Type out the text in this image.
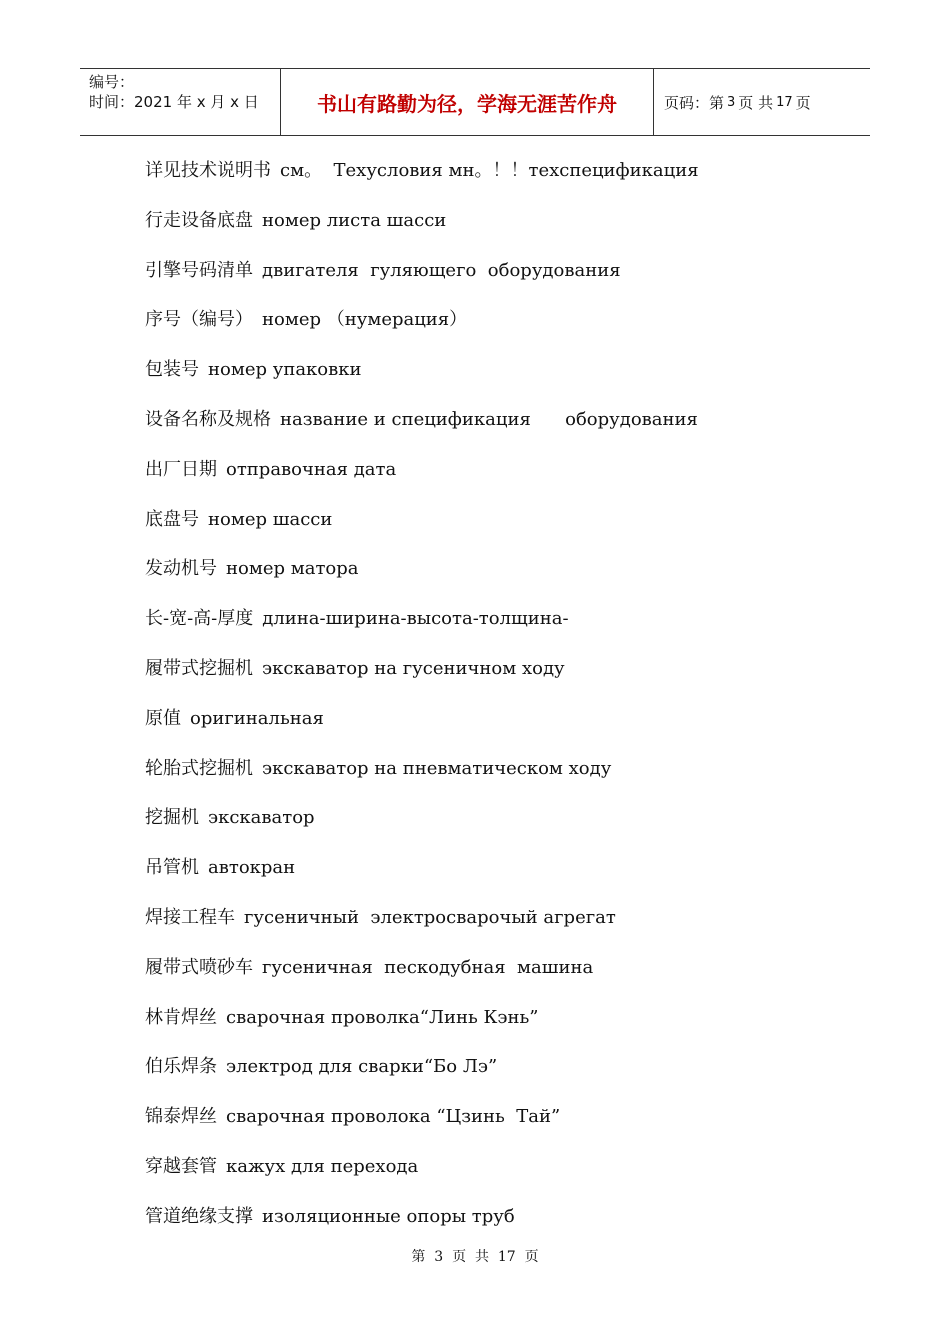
编号：
时间：2021 年 x 月 x 日	书山有路勤为径，学海无涯苦作舟	页码：第 3 页 共 17 页
详见技术说明书 см。  Техусловия мн。！！техспецификация
行走设备底盘 номер листа шасси
引擎号码清单 двигателя  гуляющего  оборудования
序号（编号） номер （нумерация）
包装号 номер упаковки
设备名称及规格 название и спецификация      оборудования
出厂日期 отправочная дата
底盘号 номер шасси
发动机号 номер матора
长-宽-高-厚度 длина-ширина-высота-толщина-
履带式挖掘机 экскаватор на гусеничном ходу
原值 оригинальная
轮胎式挖掘机 экскаватор на пневматическом ходу
挖掘机 экскаватор
吊管机 автокран
焊接工程车 гусеничный  электросварочый агрегат
履带式喷砂车 гусеничная  пескодубная  машина
林肯焊丝 сварочная проволка“Линь Кэнь”
伯乐焊条 электрод для сварки“Бо Лэ”
锦泰焊丝 сварочная проволока “Цзинь  Тай”
穿越套管 кажух для перехода
管道绝缘支撑 изоляционные опоры труб
第  3  页  共  17  页
